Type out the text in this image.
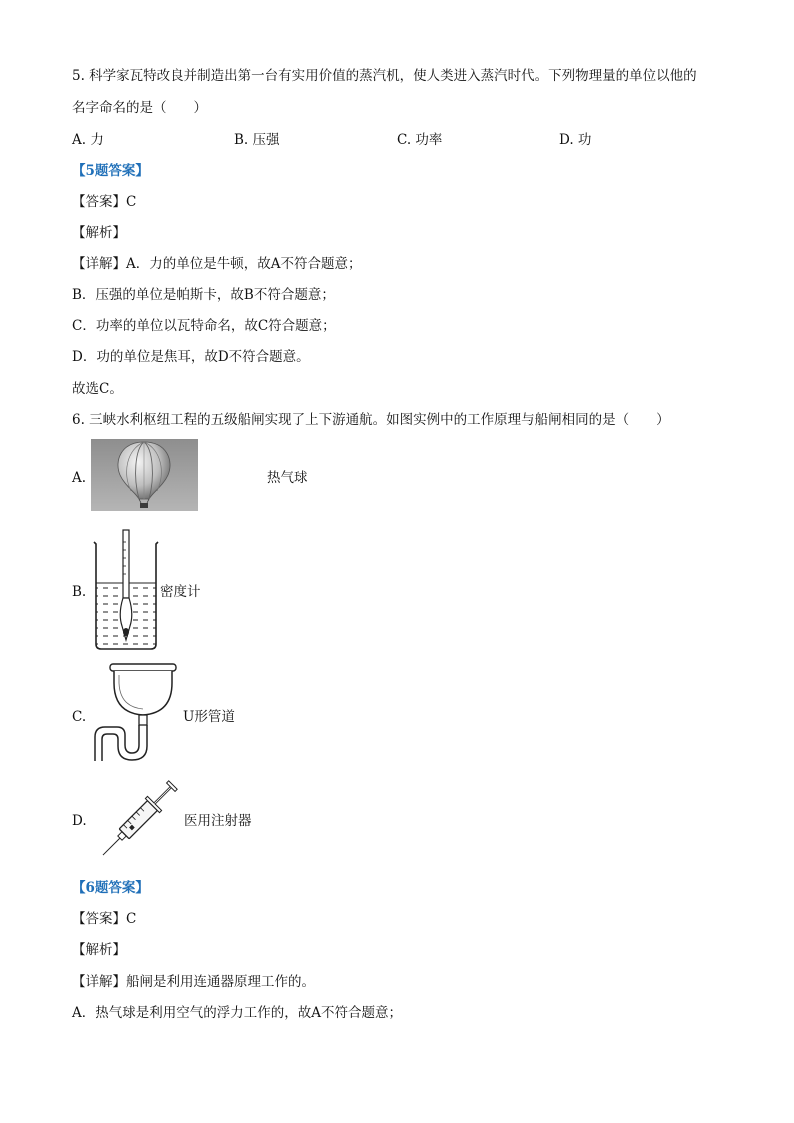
5. 科学家瓦特改良并制造出第一台有实用价值的蒸汽机，使人类进入蒸汽时代。下列物理量的单位以他的
名字命名的是（　　）
A. 力	B. 压强	C. 功率	D. 功
【5题答案】
【答案】C
【解析】
【详解】A．力的单位是牛顿，故A不符合题意；
B．压强的单位是帕斯卡，故B不符合题意；
C．功率的单位以瓦特命名，故C符合题意；
D．功的单位是焦耳，故D不符合题意。
故选C。
6. 三峡水利枢纽工程的五级船闸实现了上下游通航。如图实例中的工作原理与船闸相同的是（　　）
A.	热气球
B.	密度计
C.	U形管道
D.	医用注射器
【6题答案】
【答案】C
【解析】
【详解】船闸是利用连通器原理工作的。
A．热气球是利用空气的浮力工作的，故A不符合题意；
